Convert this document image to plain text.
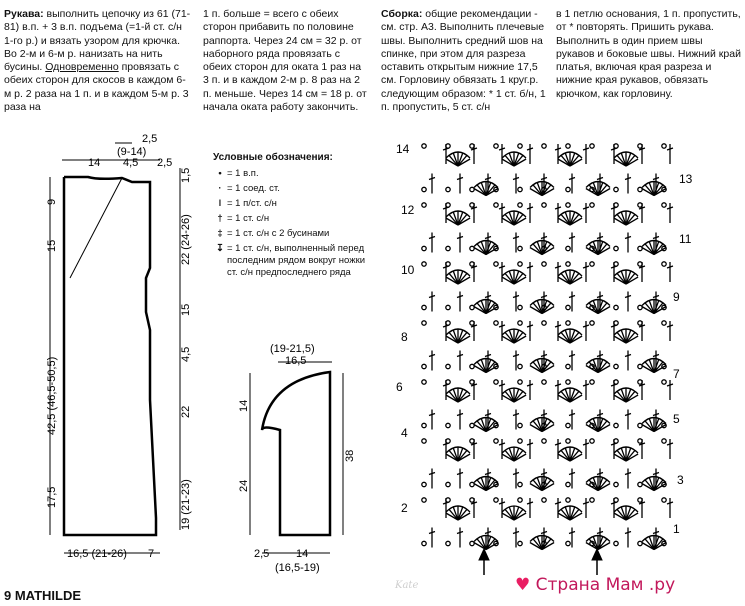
Рукава: выполнить цепочку из 61 (71-81) в.п. + 3 в.п. подъема (=1-й ст. с/н 1-го р.) и вязать узором для крючка. Во 2-м и 6-м р. нанизать на нить бусины. Одновременно провязать с обеих сторон для скосов в каждом 6-м р. 2 раза на 1 п. и в каждом 5-м р. 3 раза на
1 п. больше = всего с обеих сторон прибавить по половине раппорта. Через 24 см = 32 р. от наборного ряда провязать с обеих сторон для оката 1 раз на 3 п. и в каждом 2-м р. 8 раз на 2 п. меньше. Через 14 см = 18 р. от начала оката работу закончить.
Сборка: общие рекомендации - см. стр. А3. Выполнить плечевые швы. Выполнить средний шов на спинке, при этом для разреза оставить открытым нижние 17,5 см. Горловину обвязать 1 круг.р. следующим образом: * 1 ст. б/н, 1 п. пропустить, 5 ст. с/н
в 1 петлю основания, 1 п. пропустить, от * повторять. Пришить рукава. Выполнить в один прием швы рукавов и боковые швы. Нижний край платья, включая края разреза и нижние края рукавов, обвязать крючком, как горловину.
Условные обозначения:
• = 1 в.п.
· = 1 соед. ст.
ǀ = 1 п/ст. с/н
† = 1 ст. с/н
‡ = 1 ст. с/н с 2 бусинами
↧ = 1 ст. с/н, выполненный перед последним рядом вокруг ножки ст. с/н предпоследнего ряда
2,5
(9-14)
14 4,5 2,5
9
15
42,5 (46,5-50,5)
17,5
1,5
22 (24-26)
15
4,5
22
19 (21-23)
16,5 (21-26) 7
(19-21,5)
16,5
14
24
38
2,5 14
(16,5-19)
14
12
10
8
6
4
2
13
11
9
7
5
3
1
Kate	♥ Страна Мам .ру
9 MATHILDE
